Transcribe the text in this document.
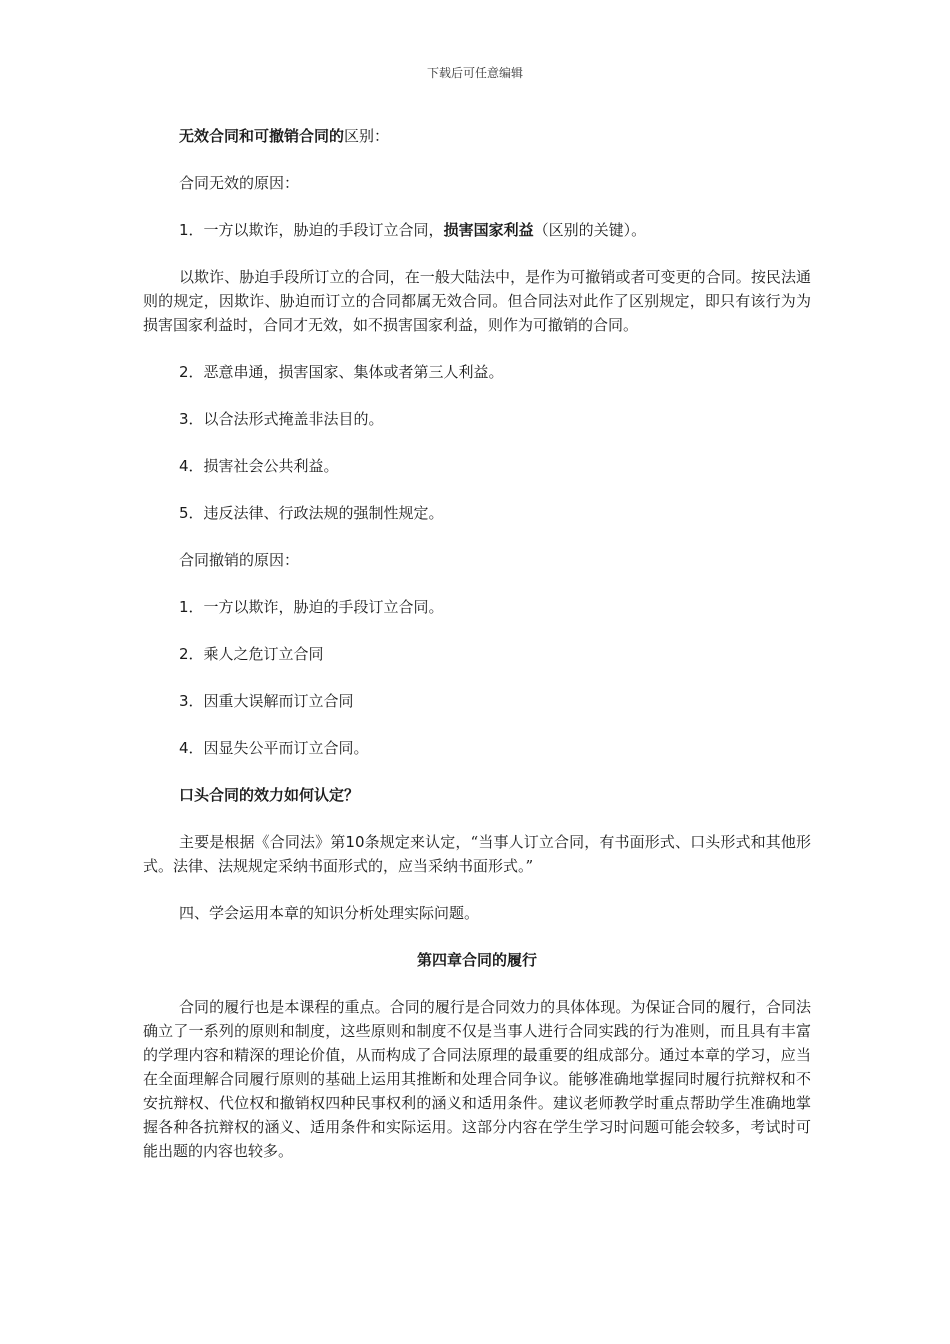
下载后可任意编辑

无效合同和可撤销合同的区别：

合同无效的原因：

1．一方以欺诈，胁迫的手段订立合同，损害国家利益（区别的关键）。

以欺诈、胁迫手段所订立的合同，在一般大陆法中，是作为可撤销或者可变更的合同。按民法通则的规定，因欺诈、胁迫而订立的合同都属无效合同。但合同法对此作了区别规定，即只有该行为为损害国家利益时，合同才无效，如不损害国家利益，则作为可撤销的合同。

2．恶意串通，损害国家、集体或者第三人利益。

3．以合法形式掩盖非法目的。

4．损害社会公共利益。

5．违反法律、行政法规的强制性规定。

合同撤销的原因：

1．一方以欺诈，胁迫的手段订立合同。

2．乘人之危订立合同

3．因重大误解而订立合同

4．因显失公平而订立合同。

口头合同的效力如何认定？

主要是根据《合同法》第10条规定来认定，“当事人订立合同，有书面形式、口头形式和其他形式。法律、法规规定采纳书面形式的，应当采纳书面形式。”

四、学会运用本章的知识分析处理实际问题。

第四章合同的履行

合同的履行也是本课程的重点。合同的履行是合同效力的具体体现。为保证合同的履行，合同法确立了一系列的原则和制度，这些原则和制度不仅是当事人进行合同实践的行为准则，而且具有丰富的学理内容和精深的理论价值，从而构成了合同法原理的最重要的组成部分。通过本章的学习，应当在全面理解合同履行原则的基础上运用其推断和处理合同争议。能够准确地掌握同时履行抗辩权和不安抗辩权、代位权和撤销权四种民事权利的涵义和适用条件。建议老师教学时重点帮助学生准确地掌握各种各抗辩权的涵义、适用条件和实际运用。这部分内容在学生学习时问题可能会较多，考试时可能出题的内容也较多。
